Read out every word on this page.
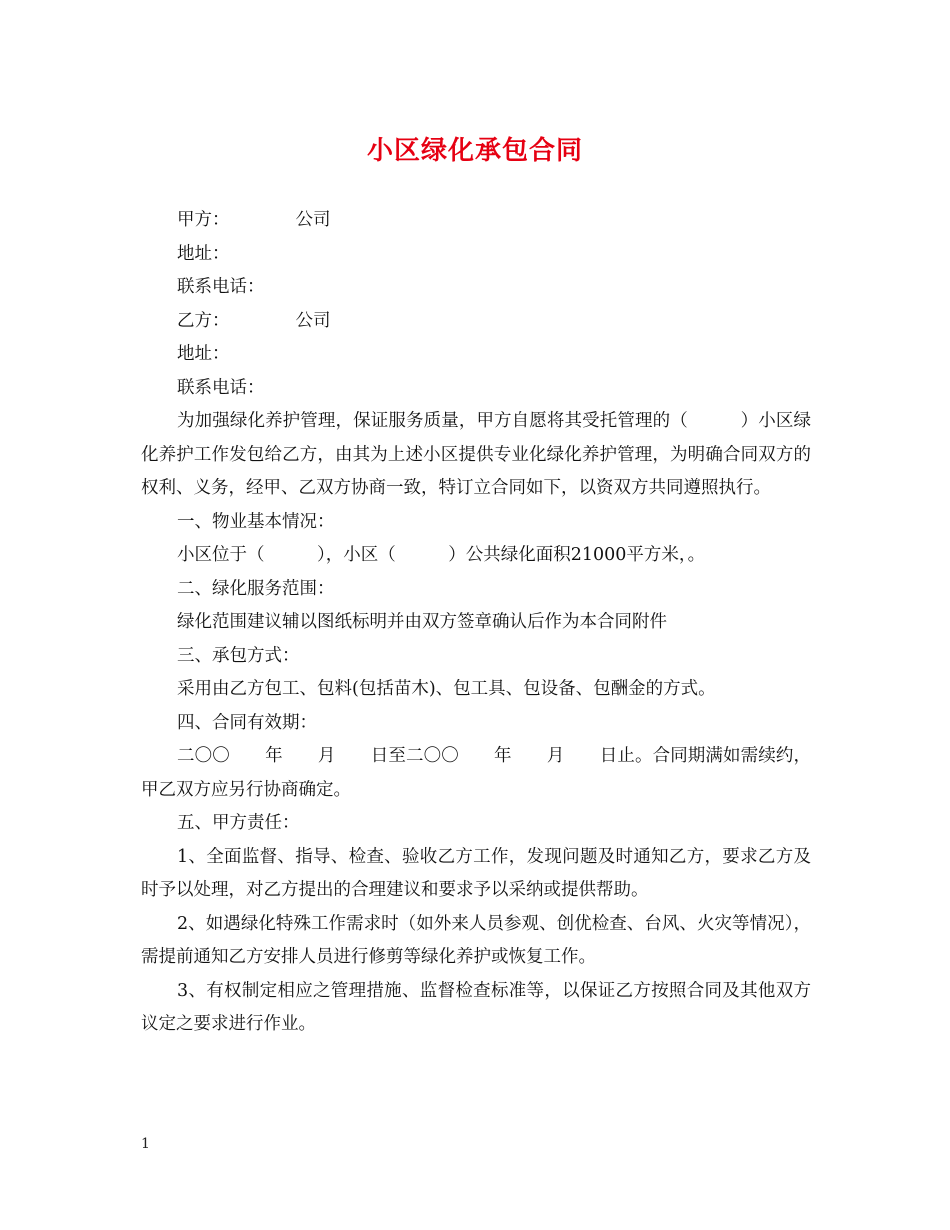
小区绿化承包合同
甲方：	公司
地址：
联系电话：
乙方：	公司
地址：
联系电话：
为加强绿化养护管理，保证服务质量，甲方自愿将其受托管理的（　　　）小区绿化养护工作发包给乙方，由其为上述小区提供专业化绿化养护管理，为明确合同双方的权利、义务，经甲、乙双方协商一致，特订立合同如下，以资双方共同遵照执行。
一、物业基本情况：
小区位于（　　　），小区（　　　）公共绿化面积21000平方米，。
二、绿化服务范围：
绿化范围建议辅以图纸标明并由双方签章确认后作为本合同附件
三、承包方式：
采用由乙方包工、包料(包括苗木)、包工具、包设备、包酬金的方式。
四、合同有效期：
二〇〇　　年　　月　　日至二〇〇　　年　　月　　日止。合同期满如需续约，甲乙双方应另行协商确定。
五、甲方责任：
1、全面监督、指导、检查、验收乙方工作，发现问题及时通知乙方，要求乙方及时予以处理，对乙方提出的合理建议和要求予以采纳或提供帮助。
2、如遇绿化特殊工作需求时（如外来人员参观、创优检查、台风、火灾等情况），需提前通知乙方安排人员进行修剪等绿化养护或恢复工作。
3、有权制定相应之管理措施、监督检查标准等，以保证乙方按照合同及其他双方议定之要求进行作业。
1
